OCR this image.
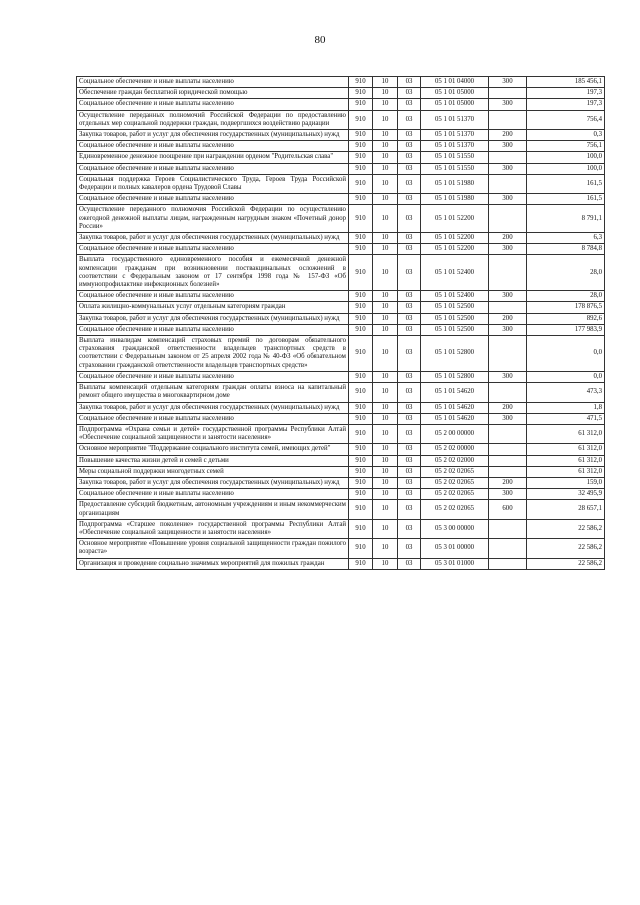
80
Социальное обеспечение и иные выплаты населению	910	10	03	05 1 01 04000	300	185 456,1
Обеспечение граждан бесплатной юридической помощью	910	10	03	05 1 01 05000		197,3
Социальное обеспечение и иные выплаты населению	910	10	03	05 1 01 05000	300	197,3
Осуществление переданных полномочий Российской Федерации по предоставлению отдельных мер социальной поддержки граждан, подвергшихся воздействию радиации	910	10	03	05 1 01 51370		756,4
Закупка товаров, работ и услуг для обеспечения государственных (муниципальных) нужд	910	10	03	05 1 01 51370	200	0,3
Социальное обеспечение и иные выплаты населению	910	10	03	05 1 01 51370	300	756,1
Единовременное денежное поощрение при награждении орденом "Родительская слава"	910	10	03	05 1 01 51550		100,0
Социальное обеспечение и иные выплаты населению	910	10	03	05 1 01 51550	300	100,0
Социальная поддержка Героев Социалистического Труда, Героев Труда Российской Федерации и полных кавалеров ордена Трудовой Славы	910	10	03	05 1 01 51980		161,5
Социальное обеспечение и иные выплаты населению	910	10	03	05 1 01 51980	300	161,5
Осуществление переданного полномочия Российской Федерации по осуществлению ежегодной денежной выплаты лицам, награжденным нагрудным знаком «Почетный донор России»	910	10	03	05 1 01 52200		8 791,1
Закупка товаров, работ и услуг для обеспечения государственных (муниципальных) нужд	910	10	03	05 1 01 52200	200	6,3
Социальное обеспечение и иные выплаты населению	910	10	03	05 1 01 52200	300	8 784,8
Выплата государственного единовременного пособия и ежемесячной денежной компенсации гражданам при возникновении поствакцинальных осложнений в соответствии с Федеральным законом от 17 сентября 1998 года № 157-ФЗ «Об иммунопрофилактике инфекционных болезней»	910	10	03	05 1 01 52400		28,0
Социальное обеспечение и иные выплаты населению	910	10	03	05 1 01 52400	300	28,0
Оплата жилищно-коммунальных услуг отдельным категориям граждан	910	10	03	05 1 01 52500		178 876,5
Закупка товаров, работ и услуг для обеспечения государственных (муниципальных) нужд	910	10	03	05 1 01 52500	200	892,6
Социальное обеспечение и иные выплаты населению	910	10	03	05 1 01 52500	300	177 983,9
Выплата инвалидам компенсаций страховых премий по договорам обязательного страхования гражданской ответственности владельцев транспортных средств в соответствии с Федеральным законом от 25 апреля 2002 года № 40-ФЗ «Об обязательном страховании гражданской ответственности владельцев транспортных средств»	910	10	03	05 1 01 52800		0,0
Социальное обеспечение и иные выплаты населению	910	10	03	05 1 01 52800	300	0,0
Выплаты компенсаций отдельным категориям граждан оплаты взноса на капитальный ремонт общего имущества в многоквартирном доме	910	10	03	05 1 01 54620		473,3
Закупка товаров, работ и услуг для обеспечения государственных (муниципальных) нужд	910	10	03	05 1 01 54620	200	1,8
Социальное обеспечение и иные выплаты населению	910	10	03	05 1 01 54620	300	471,5
Подпрограмма «Охрана семьи и детей» государственной программы Республики Алтай «Обеспечение социальной защищенности и занятости населения»	910	10	03	05 2 00 00000		61 312,0
Основное мероприятие "Поддержание социального института семей, имеющих детей"	910	10	03	05 2 02 00000		61 312,0
Повышение качества жизни детей и семей с детьми	910	10	03	05 2 02 02000		61 312,0
Меры социальной поддержки многодетных семей	910	10	03	05 2 02 02065		61 312,0
Закупка товаров, работ и услуг для обеспечения государственных (муниципальных) нужд	910	10	03	05 2 02 02065	200	159,0
Социальное обеспечение и иные выплаты населению	910	10	03	05 2 02 02065	300	32 495,9
Предоставление субсидий бюджетным, автономным учреждениям и иным некоммерческим организациям	910	10	03	05 2 02 02065	600	28 657,1
Подпрограмма «Старшее поколение» государственной программы Республики Алтай «Обеспечение социальной защищенности и занятости населения»	910	10	03	05 3 00 00000		22 586,2
Основное мероприятие «Повышение уровня социальной защищенности граждан пожилого возраста»	910	10	03	05 3 01 00000		22 586,2
Организация и проведение социально значимых мероприятий для пожилых граждан	910	10	03	05 3 01 01000		22 586,2
